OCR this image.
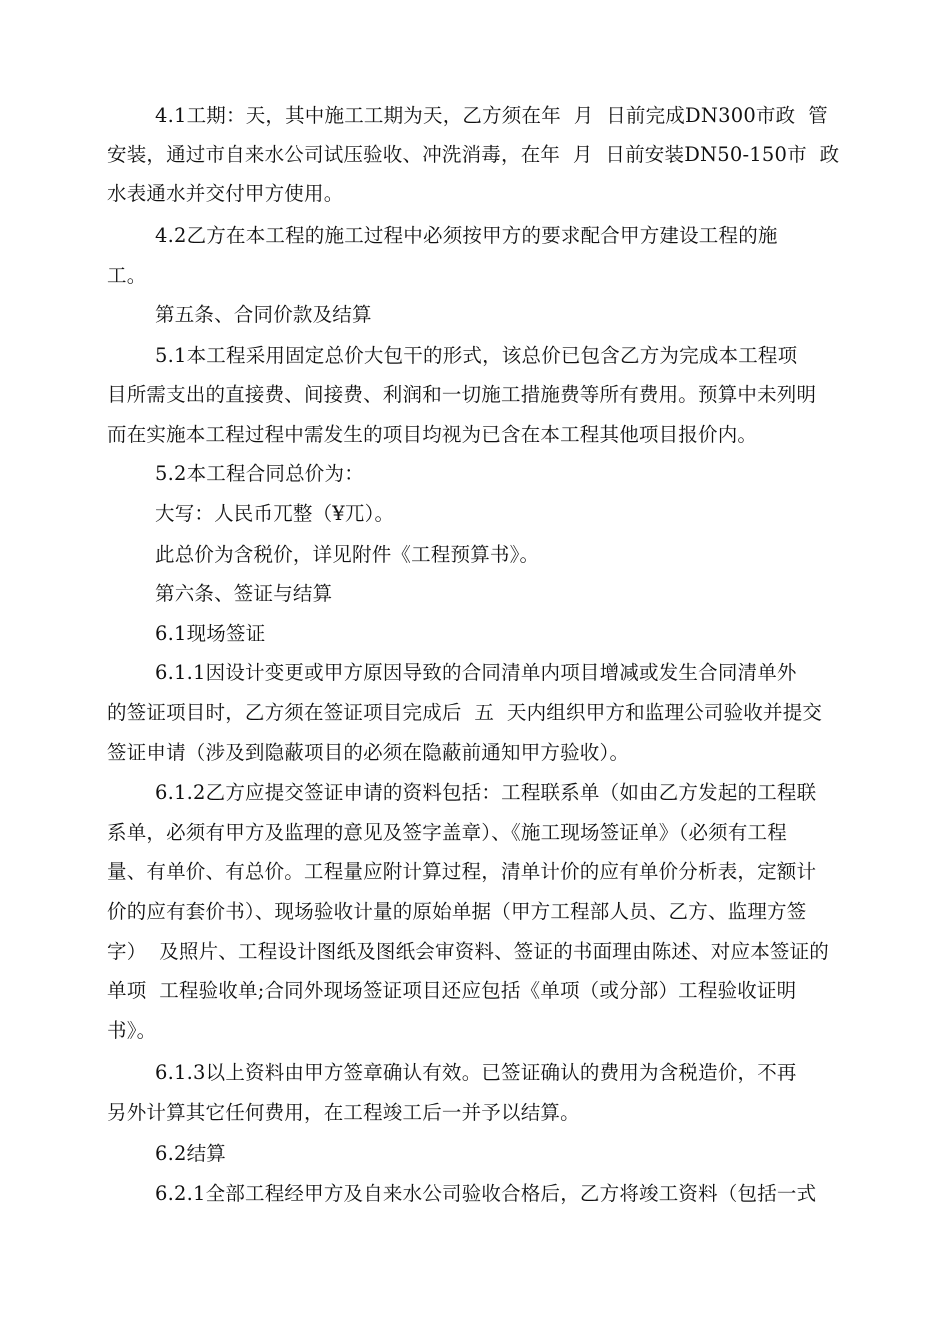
4.1工期：天，其中施工工期为天，乙方须在年  月  日前完成DN300市政  管
安装，通过市自来水公司试压验收、冲洗消毒，在年  月  日前安装DN50-150市  政
水表通水并交付甲方使用。
4.2乙方在本工程的施工过程中必须按甲方的要求配合甲方建设工程的施
工。
第五条、合同价款及结算
5.1本工程采用固定总价大包干的形式，该总价已包含乙方为完成本工程项
目所需支出的直接费、间接费、利润和一切施工措施费等所有费用。预算中未列明
而在实施本工程过程中需发生的项目均视为已含在本工程其他项目报价内。
5.2本工程合同总价为：
大写：人民币兀整（¥兀）。
此总价为含税价，详见附件《工程预算书》。
第六条、签证与结算
6.1现场签证
6.1.1因设计变更或甲方原因导致的合同清单内项目增减或发生合同清单外
的签证项目时，乙方须在签证项目完成后  五  天内组织甲方和监理公司验收并提交
签证申请（涉及到隐蔽项目的必须在隐蔽前通知甲方验收）。
6.1.2乙方应提交签证申请的资料包括：工程联系单（如由乙方发起的工程联
系单，必须有甲方及监理的意见及签字盖章）、《施工现场签证单》（必须有工程
量、有单价、有总价。工程量应附计算过程，清单计价的应有单价分析表，定额计
价的应有套价书）、现场验收计量的原始单据（甲方工程部人员、乙方、监理方签
字）  及照片、工程设计图纸及图纸会审资料、签证的书面理由陈述、对应本签证的
单项  工程验收单;合同外现场签证项目还应包括《单项（或分部）工程验收证明
书》。
6.1.3以上资料由甲方签章确认有效。已签证确认的费用为含税造价，不再
另外计算其它任何费用，在工程竣工后一并予以结算。
6.2结算
6.2.1全部工程经甲方及自来水公司验收合格后，乙方将竣工资料（包括一式
